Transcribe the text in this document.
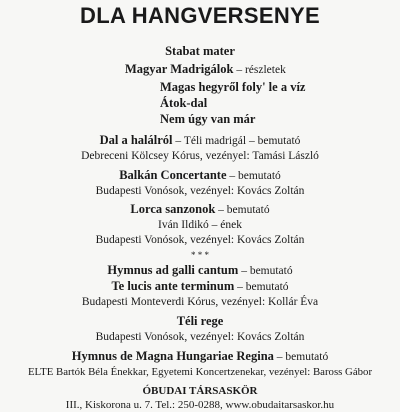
DLA HANGVERSENYE
Stabat mater
Magyar Madrigálok – részletek
Magas hegyről foly' le a víz
Átok-dal
Nem úgy van már
Dal a halálról – Téli madrigál – bemutató
Debreceni Kölcsey Kórus, vezényel: Tamási László
Balkán Concertante – bemutató
Budapesti Vonósok, vezényel: Kovács Zoltán
Lorca sanzonok – bemutató
Iván Ildikó – ének
Budapesti Vonósok, vezényel: Kovács Zoltán
* * *
Hymnus ad galli cantum – bemutató
Te lucis ante terminum – bemutató
Budapesti Monteverdi Kórus, vezényel: Kollár Éva
Téli rege
Budapesti Vonósok, vezényel: Kovács Zoltán
Hymnus de Magna Hungariae Regina – bemutató
ELTE Bartók Béla Énekkar, Egyetemi Koncertzenekar, vezényel: Baross Gábor
ÓBUDAI TÁRSASKÖR
III., Kiskorona u. 7. Tel.: 250-0288, www.obudaitarsaskor.hu
